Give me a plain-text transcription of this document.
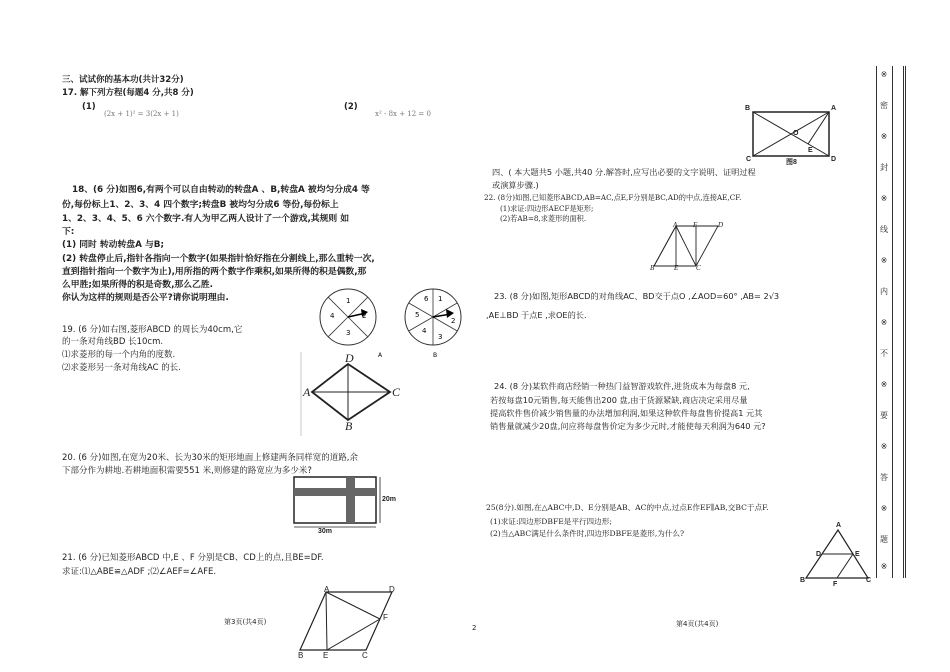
三、试试你的基本功(共计32分)
17. 解下列方程(每题4 分,共8 分)
(1)
(2x + 1)² = 3(2x + 1)
(2)
x² - 8x + 12 = 0
18、(6 分)如图6,有两个可以自由转动的转盘A 、B,转盘A 被均匀分成4 等
份,每份标上1、2、3、4 四个数字;转盘B 被均匀分成6 等份,每份标上
1、2、3、4、5、6 六个数字.有人为甲乙两人设计了一个游戏,其规则 如
下:
(1) 同时 转动转盘A 与B;
(2) 转盘停止后,指针各指向一个数字(如果指针恰好指在分割线上,那么重转一次,
直到指针指向一个数字为止),用所指的两个数字作乘积,如果所得的积是偶数,那
么甲胜;如果所得的积是奇数,那么乙胜.
你认为这样的规则是否公平?请你说明理由.	1
2
3
4
A
1
2
3
4
5
6
B
19. (6 分)如右图,菱形ABCD 的周长为40cm,它
的一条对角线BD 长10cm.
⑴求菱形的每一个内角的度数.
⑵求菱形另一条对角线AC 的长.
D
A	C
B
20. (6 分)如图,在宽为20米、长为30米的矩形地面上修建两条同样宽的道路,余
下部分作为耕地.若耕地面积需要551 米,则修建的路宽应为多少米?
20m
30m
21. (6 分)已知菱形ABCD 中,E 、F 分别是CB、CD上的点,且BE=DF.
求证:⑴△ABE≌△ADF ;⑵∠AEF=∠AFE.
A	D
F
B E	C
第3页(共4页)
2
B	A
O
C
E
D
图8
四、( 本大题共5 小题,共40 分.解答时,应写出必要的文字说明、证明过程
或演算步骤.)
22. (8分)如图,已知菱形ABCD,AB=AC,点E,F分别是BC,AD的中点,连接AE,CF.
(1)求证:四边形AECF是矩形;
(2)若AB=8,求菱形的面积.
A F	D
B	E	C
23. (8 分)如图,矩形ABCD的对角线AC、BD交于点O ,∠AOD=60° ,AB= 2√3
,AE⊥BD 于点E ,求OE的长.
24. (8 分)某软件商店经销一种热门益智游戏软件,进货成本为每盘8 元,
若按每盘10元销售,每天能售出200 盘,由于货源紧缺,商店决定采用尽量
提高软件售价减少销售量的办法增加利润,如果这种软件每盘售价提高1 元其
销售量就减少20盘,问应将每盘售价定为多少元时,才能使每天利润为640 元?
25(8分).如图,在△ABC中,D、E分别是AB、AC的中点,过点E作EF∥AB,交BC于点F.
(1)求证:四边形DBFE是平行四边形;
(2)当△ABC满足什么条件时,四边形DBFE是菱形,为什么?
A
D	E
B
F
C
第4页(共4页)
※
密
※
封
※
线
※
内
※
不
※
要
※
答
※
题
※
